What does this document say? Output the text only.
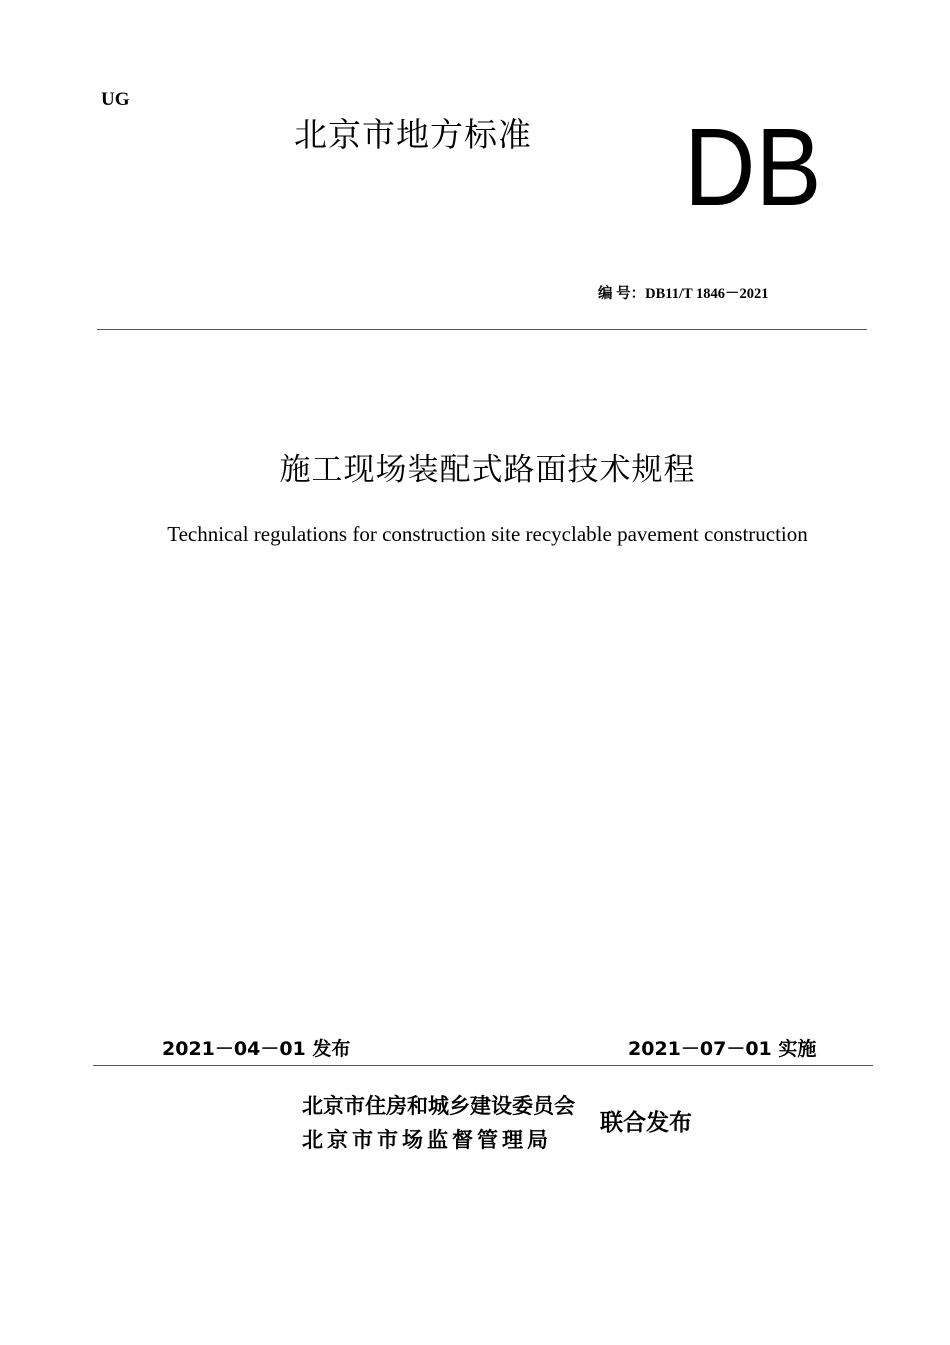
UG
北京市地方标准 DB
编 号：DB11/T 1846－2021
施工现场装配式路面技术规程
Technical regulations for construction site recyclable pavement construction
2021－04－01 发布	2021－07－01 实施
北京市住房和城乡建设委员会
北京市市场监督管理局
联合发布
